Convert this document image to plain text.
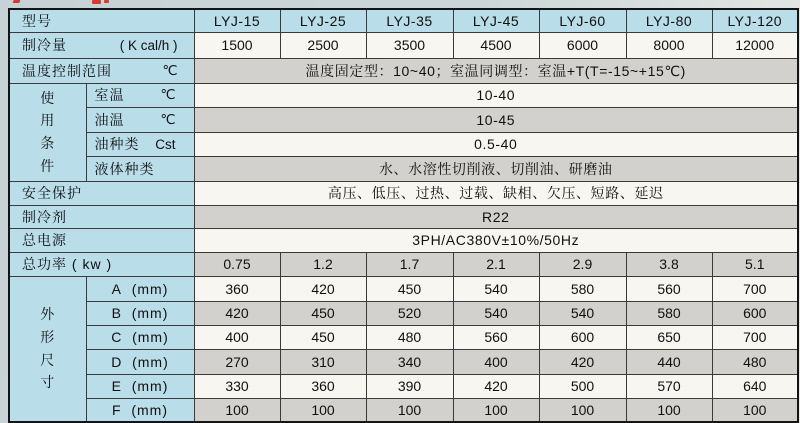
型号		LYJ-15	LYJ-25	LYJ-35	LYJ-45	LYJ-60	LYJ-80	LYJ-120

制冷量 ( K cal/h )		1500	2500	3500	4500	6000	8000	12000

温度控制范围 ℃		温度固定型：10~40；室温同调型：室温+T(T=-15~+15℃)						
使
用
条
件	室温 ℃	10-40						

	油温 ℃	10-45						

	油种类 Cst	0.5-40						

	液体种类	水、水溶性切削液、切削油、研磨油						

安全保护		高压、低压、过热、过载、缺相、欠压、短路、延迟						

制冷剂		R22						

总电源		3PH/AC380V±10%/50Hz						

总功率 ( kw )		0.75	1.2	1.7	2.1	2.9	3.8	5.1
外
形
尺
寸	A  (mm)	360	420	450	540	580	560	700
	B  (mm)	420	450	520	540	540	580	600
	C  (mm)	400	450	480	560	600	650	700
	D  (mm)	270	310	340	400	420	440	480
	E  (mm)	330	360	390	420	500	570	640
	F  (mm)	100	100	100	100	100	100	100
